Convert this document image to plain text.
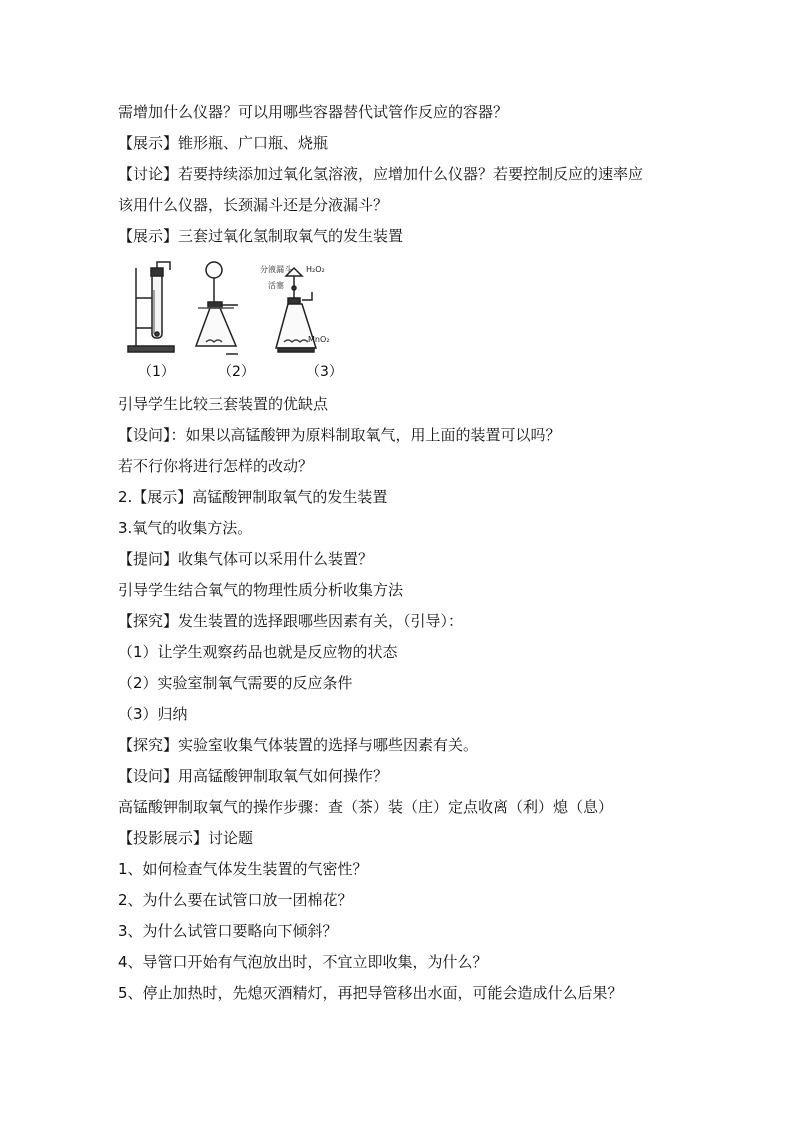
需增加什么仪器？可以用哪些容器替代试管作反应的容器？
【展示】锥形瓶、广口瓶、烧瓶
【讨论】若要持续添加过氧化氢溶液，应增加什么仪器？若要控制反应的速率应
该用什么仪器，长颈漏斗还是分液漏斗？
【展示】三套过氧化氢制取氧气的发生装置
分液漏斗 H₂O₂
活塞
MnO₂
（1）	（2）	（3）
引导学生比较三套装置的优缺点
【设问】：如果以高锰酸钾为原料制取氧气，用上面的装置可以吗？
若不行你将进行怎样的改动？
2.【展示】高锰酸钾制取氧气的发生装置
3.氧气的收集方法。
【提问】收集气体可以采用什么装置？
引导学生结合氧气的物理性质分析收集方法
【探究】发生装置的选择跟哪些因素有关，（引导）：
（1）让学生观察药品也就是反应物的状态
（2）实验室制氧气需要的反应条件
（3）归纳
【探究】实验室收集气体装置的选择与哪些因素有关。
【设问】用高锰酸钾制取氧气如何操作？
高锰酸钾制取氧气的操作步骤：查（茶）装（庄）定点收离（利）熄（息）
【投影展示】讨论题
1、如何检查气体发生装置的气密性？
2、为什么要在试管口放一团棉花？
3、为什么试管口要略向下倾斜？
4、导管口开始有气泡放出时，不宜立即收集，为什么？
5、停止加热时，先熄灭酒精灯，再把导管移出水面，可能会造成什么后果？
